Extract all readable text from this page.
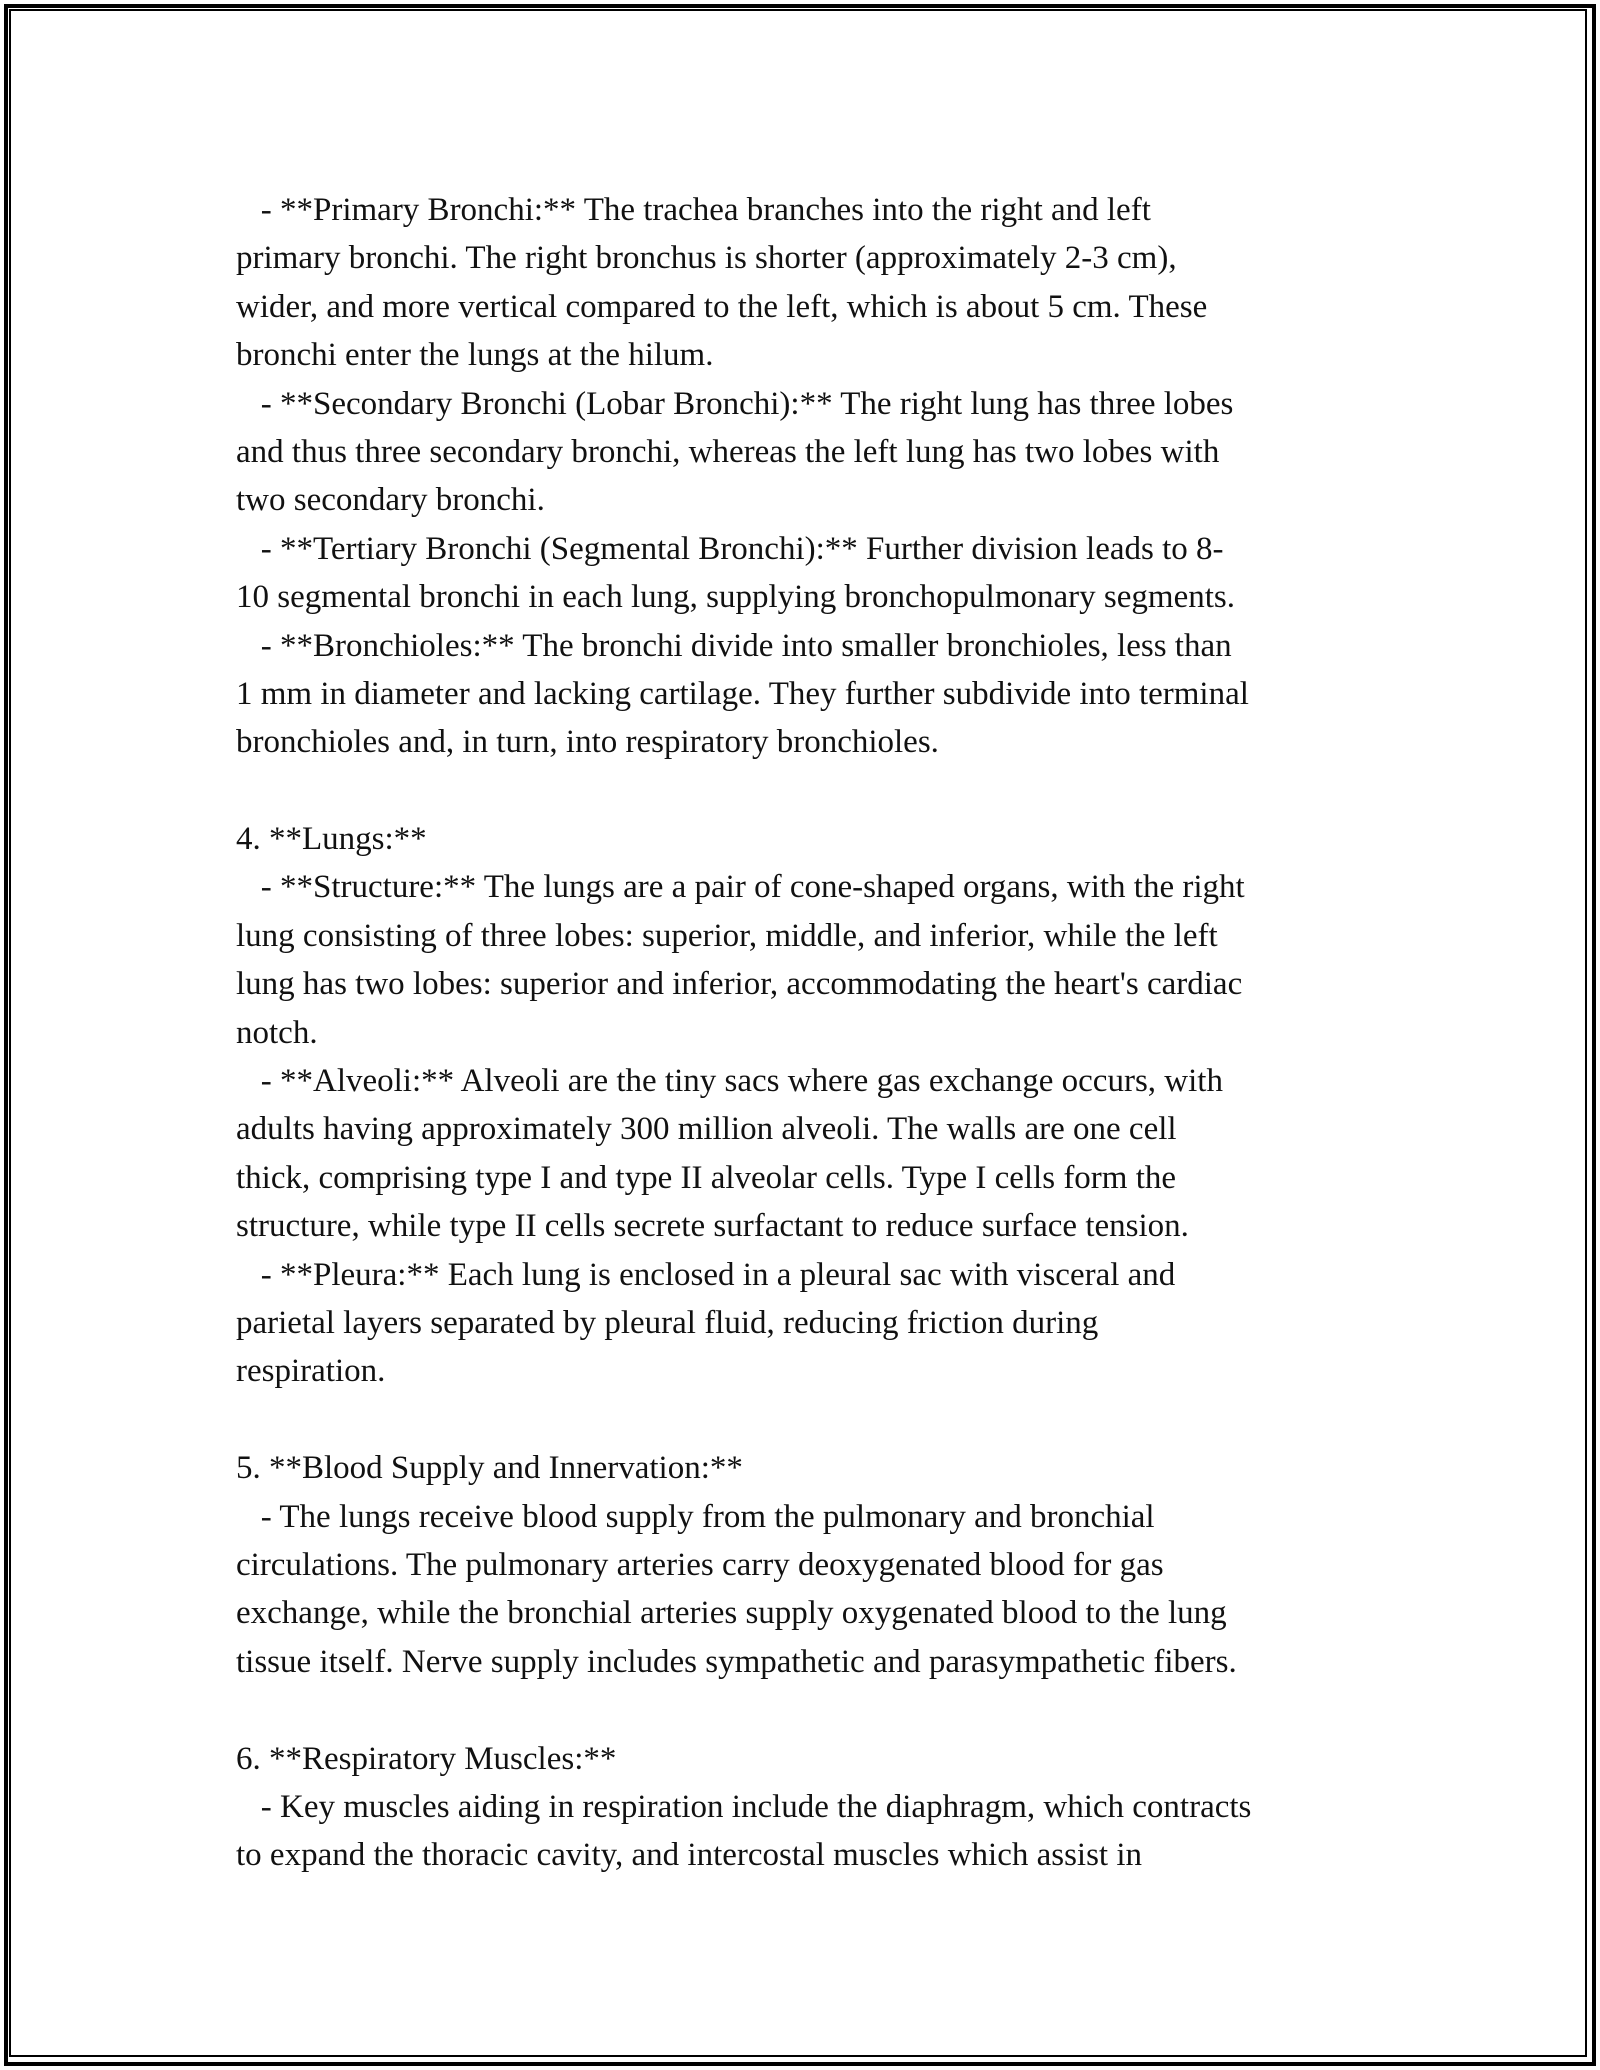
- **Primary Bronchi:** The trachea branches into the right and left
primary bronchi. The right bronchus is shorter (approximately 2-3 cm),
wider, and more vertical compared to the left, which is about 5 cm. These
bronchi enter the lungs at the hilum.
- **Secondary Bronchi (Lobar Bronchi):** The right lung has three lobes
and thus three secondary bronchi, whereas the left lung has two lobes with
two secondary bronchi.
- **Tertiary Bronchi (Segmental Bronchi):** Further division leads to 8-
10 segmental bronchi in each lung, supplying bronchopulmonary segments.
- **Bronchioles:** The bronchi divide into smaller bronchioles, less than
1 mm in diameter and lacking cartilage. They further subdivide into terminal
bronchioles and, in turn, into respiratory bronchioles.
4. **Lungs:**
- **Structure:** The lungs are a pair of cone-shaped organs, with the right
lung consisting of three lobes: superior, middle, and inferior, while the left
lung has two lobes: superior and inferior, accommodating the heart's cardiac
notch.
- **Alveoli:** Alveoli are the tiny sacs where gas exchange occurs, with
adults having approximately 300 million alveoli. The walls are one cell
thick, comprising type I and type II alveolar cells. Type I cells form the
structure, while type II cells secrete surfactant to reduce surface tension.
- **Pleura:** Each lung is enclosed in a pleural sac with visceral and
parietal layers separated by pleural fluid, reducing friction during
respiration.
5. **Blood Supply and Innervation:**
- The lungs receive blood supply from the pulmonary and bronchial
circulations. The pulmonary arteries carry deoxygenated blood for gas
exchange, while the bronchial arteries supply oxygenated blood to the lung
tissue itself. Nerve supply includes sympathetic and parasympathetic fibers.
6. **Respiratory Muscles:**
- Key muscles aiding in respiration include the diaphragm, which contracts
to expand the thoracic cavity, and intercostal muscles which assist in
